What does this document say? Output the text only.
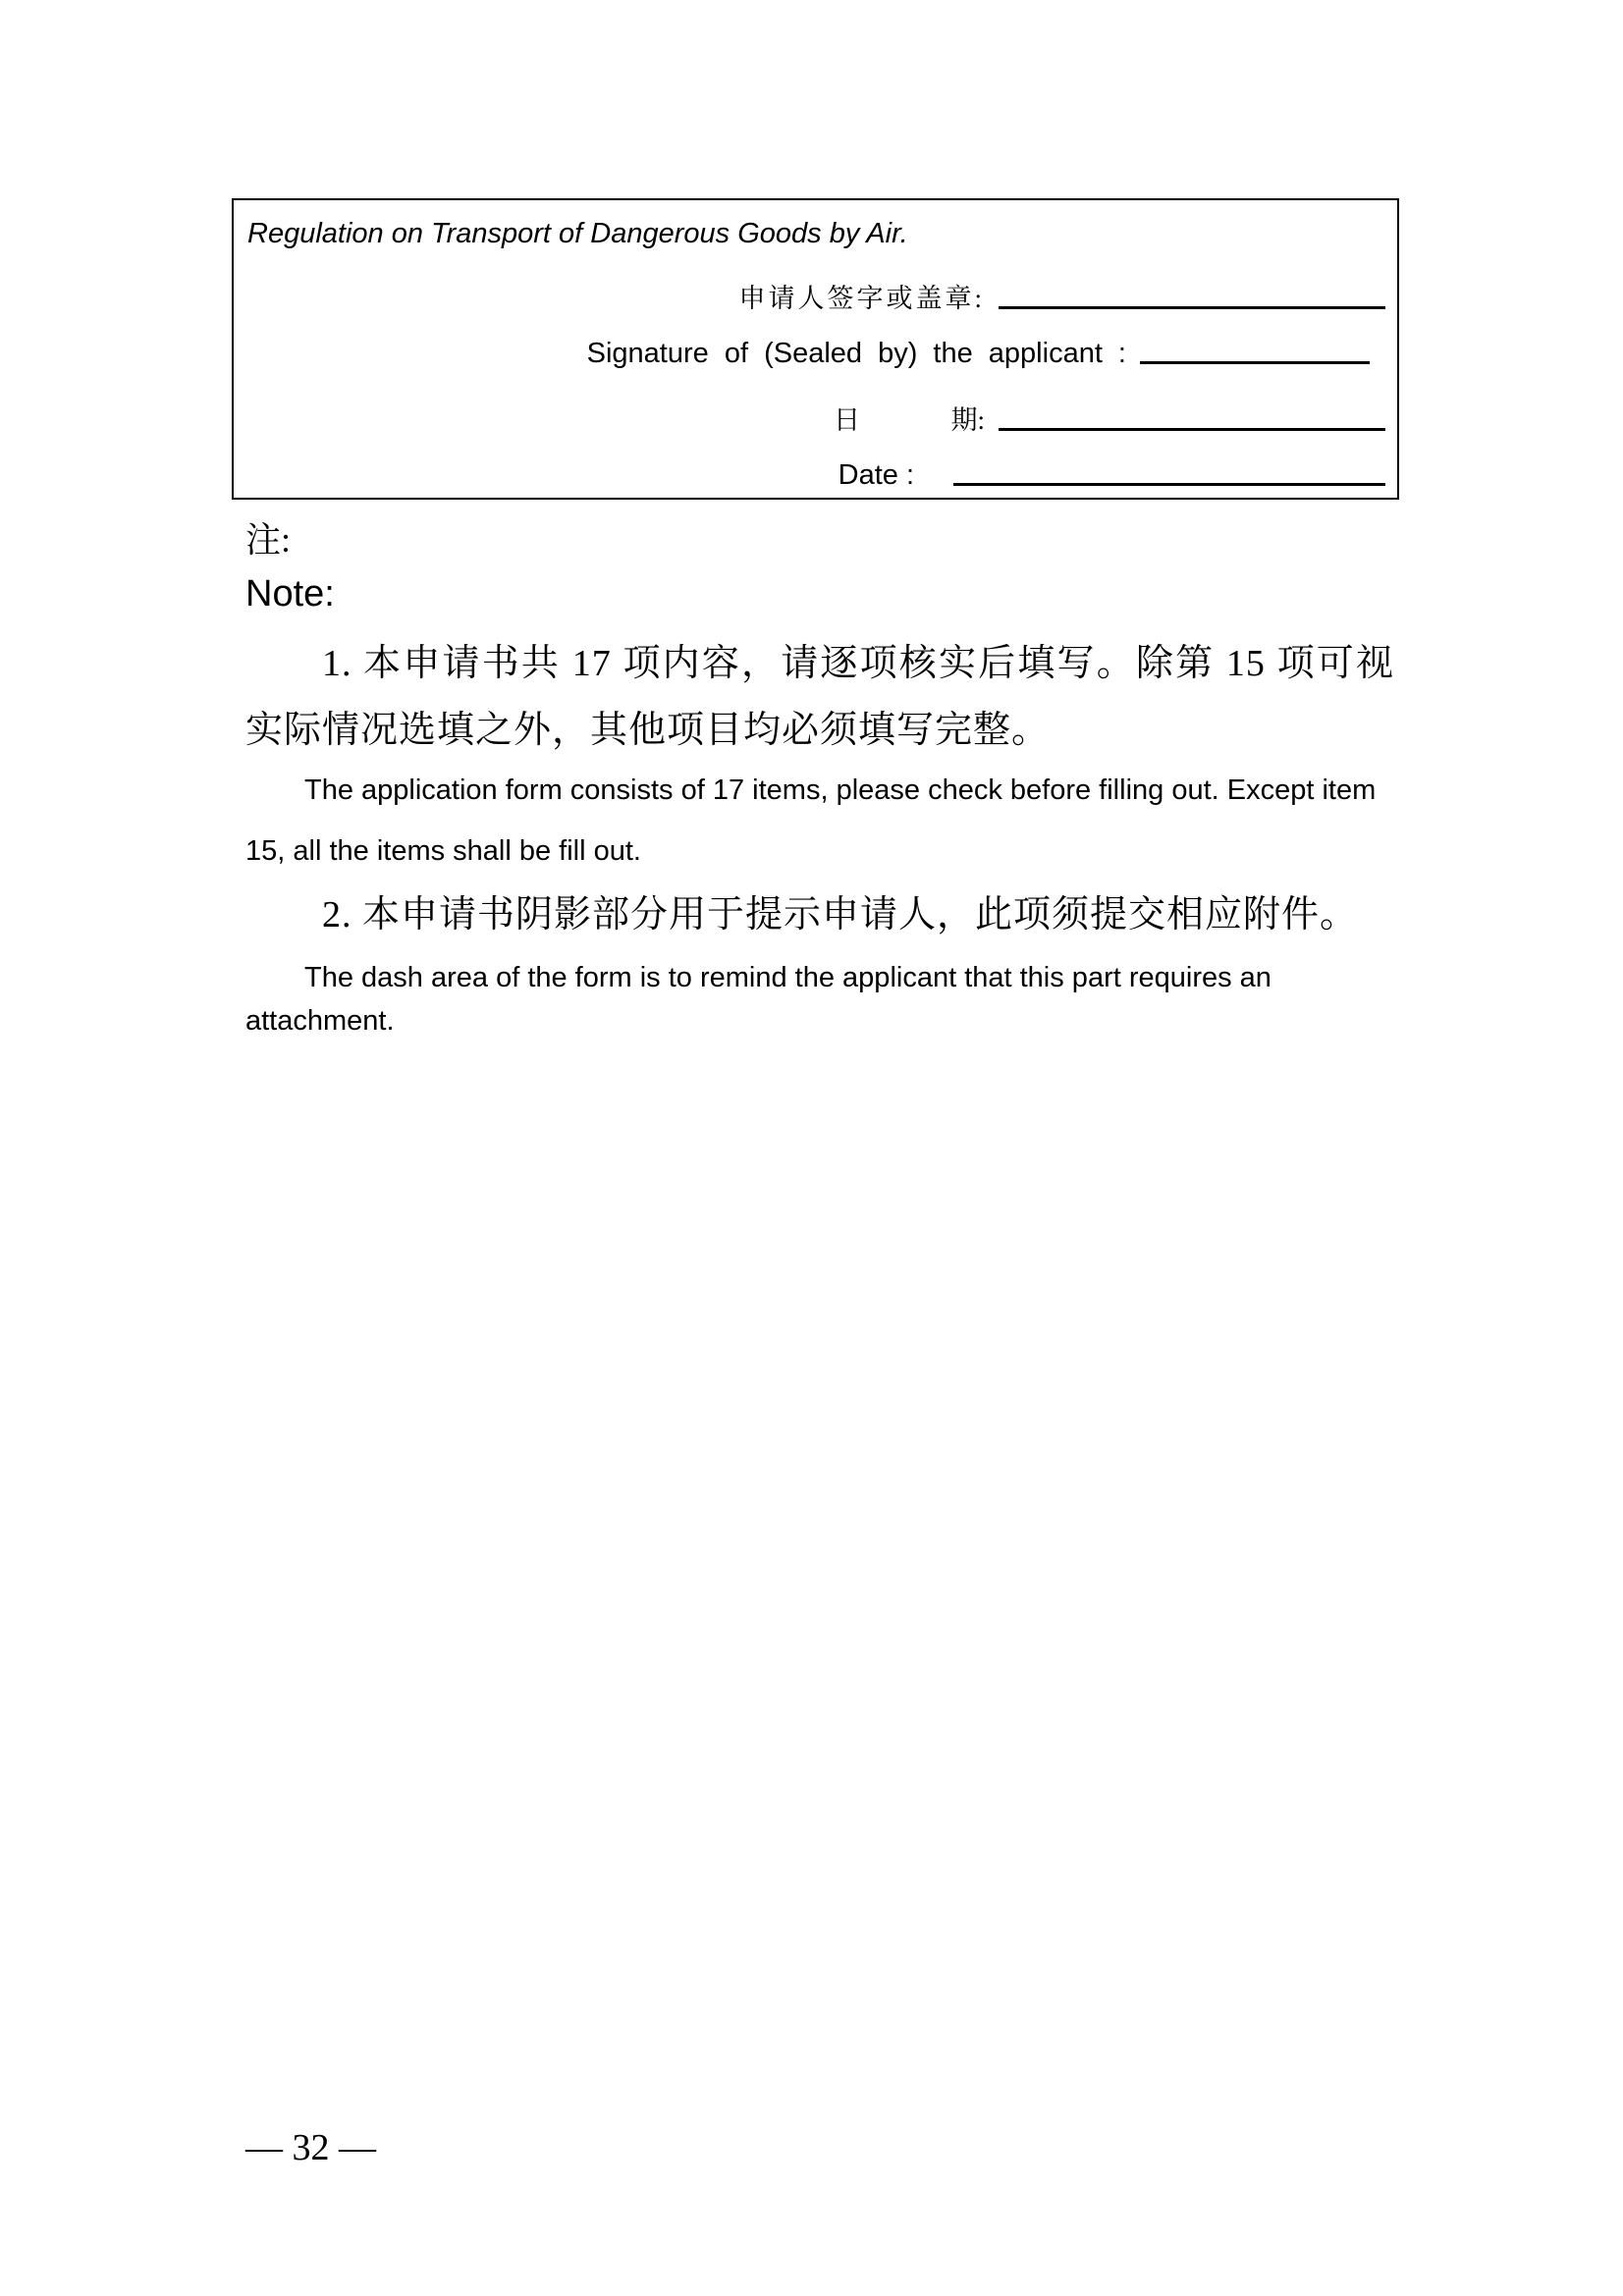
Regulation on Transport of Dangerous Goods by Air.
申请人签字或盖章:
Signature of (Sealed by) the applicant :
日	期:
Date :
注:
Note:
1. 本申请书共 17 项内容，请逐项核实后填写。除第 15 项可视实际情况选填之外，其他项目均必须填写完整。
The application form consists of 17 items, please check before filling out. Except item 15, all the items shall be fill out.
2. 本申请书阴影部分用于提示申请人，此项须提交相应附件。
The dash area of the form is to remind the applicant that this part requires an attachment.
— 32 —
